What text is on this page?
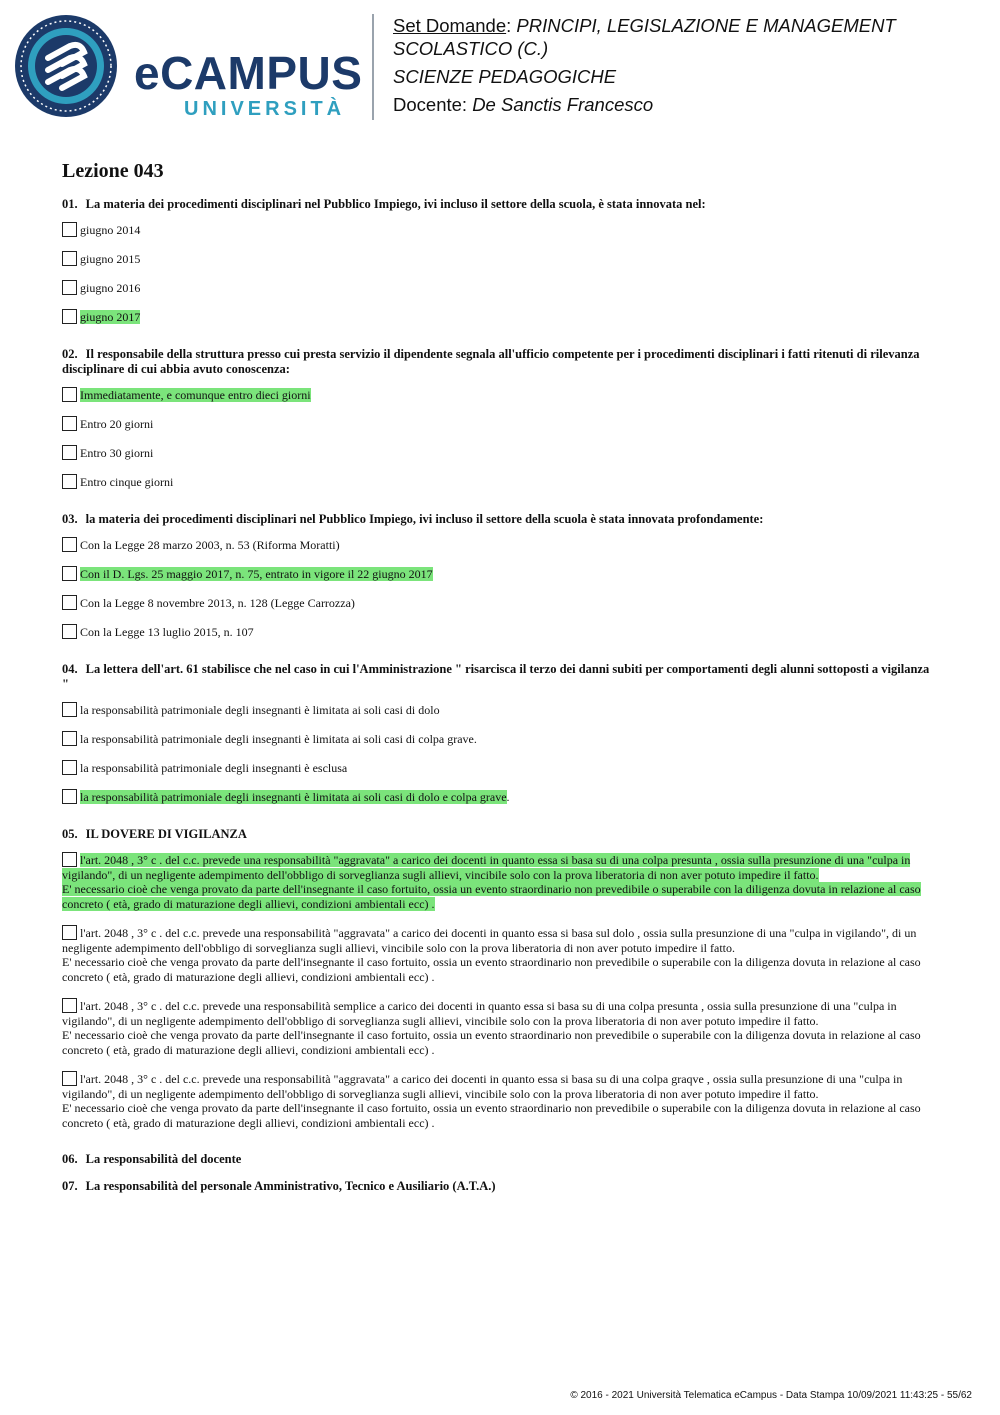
eCAMPUS
UNIVERSITÀ
Set Domande: PRINCIPI, LEGISLAZIONE E MANAGEMENT SCOLASTICO (C.)
SCIENZE PEDAGOGICHE
Docente: De Sanctis Francesco
Lezione 043
01. La materia dei procedimenti disciplinari nel Pubblico Impiego, ivi incluso il settore della scuola, è stata innovata nel:
giugno 2014
giugno 2015
giugno 2016
giugno 2017
02. Il responsabile della struttura presso cui presta servizio il dipendente segnala all'ufficio competente per i procedimenti disciplinari i fatti ritenuti di rilevanza disciplinare di cui abbia avuto conoscenza:
Immediatamente, e comunque entro dieci giorni
Entro 20 giorni
Entro 30 giorni
Entro cinque giorni
03. la materia dei procedimenti disciplinari nel Pubblico Impiego, ivi incluso il settore della scuola è stata innovata profondamente:
Con la Legge 28 marzo 2003, n. 53 (Riforma Moratti)
Con il D. Lgs. 25 maggio 2017, n. 75, entrato in vigore il 22 giugno 2017
Con la Legge 8 novembre 2013, n. 128 (Legge Carrozza)
Con la Legge 13 luglio 2015, n. 107
04. La lettera dell'art. 61 stabilisce che nel caso in cui l'Amministrazione " risarcisca il terzo dei danni subiti per comportamenti degli alunni sottoposti a vigilanza "
la responsabilità patrimoniale degli insegnanti è limitata ai soli casi di dolo
la responsabilità patrimoniale degli insegnanti è limitata ai soli casi di colpa grave.
la responsabilità patrimoniale degli insegnanti è esclusa
la responsabilità patrimoniale degli insegnanti è limitata ai soli casi di dolo e colpa grave.
05. IL DOVERE DI VIGILANZA
l'art. 2048 , 3° c . del c.c. prevede una responsabilità "aggravata" a carico dei docenti in quanto essa si basa su di una colpa presunta , ossia sulla presunzione di una "culpa in vigilando", di un negligente adempimento dell'obbligo di sorveglianza sugli allievi, vincibile solo con la prova liberatoria di non aver potuto impedire il fatto.
E' necessario cioè che venga provato da parte dell'insegnante il caso fortuito, ossia un evento straordinario non prevedibile o superabile con la diligenza dovuta in relazione al caso concreto ( età, grado di maturazione degli allievi, condizioni ambientali ecc) .
l'art. 2048 , 3° c . del c.c. prevede una responsabilità "aggravata" a carico dei docenti in quanto essa si basa sul dolo , ossia sulla presunzione di una "culpa in vigilando", di un negligente adempimento dell'obbligo di sorveglianza sugli allievi, vincibile solo con la prova liberatoria di non aver potuto impedire il fatto.
E' necessario cioè che venga provato da parte dell'insegnante il caso fortuito, ossia un evento straordinario non prevedibile o superabile con la diligenza dovuta in relazione al caso concreto ( età, grado di maturazione degli allievi, condizioni ambientali ecc) .
l'art. 2048 , 3° c . del c.c. prevede una responsabilità semplice a carico dei docenti in quanto essa si basa su di una colpa presunta , ossia sulla presunzione di una "culpa in vigilando", di un negligente adempimento dell'obbligo di sorveglianza sugli allievi, vincibile solo con la prova liberatoria di non aver potuto impedire il fatto.
E' necessario cioè che venga provato da parte dell'insegnante il caso fortuito, ossia un evento straordinario non prevedibile o superabile con la diligenza dovuta in relazione al caso concreto ( età, grado di maturazione degli allievi, condizioni ambientali ecc) .
l'art. 2048 , 3° c . del c.c. prevede una responsabilità "aggravata" a carico dei docenti in quanto essa si basa su di una colpa graqve , ossia sulla presunzione di una "culpa in vigilando", di un negligente adempimento dell'obbligo di sorveglianza sugli allievi, vincibile solo con la prova liberatoria di non aver potuto impedire il fatto.
E' necessario cioè che venga provato da parte dell'insegnante il caso fortuito, ossia un evento straordinario non prevedibile o superabile con la diligenza dovuta in relazione al caso concreto ( età, grado di maturazione degli allievi, condizioni ambientali ecc) .
06. La responsabilità del docente
07. La responsabilità del personale Amministrativo, Tecnico e Ausiliario (A.T.A.)
© 2016 - 2021 Università Telematica eCampus - Data Stampa 10/09/2021 11:43:25 - 55/62
